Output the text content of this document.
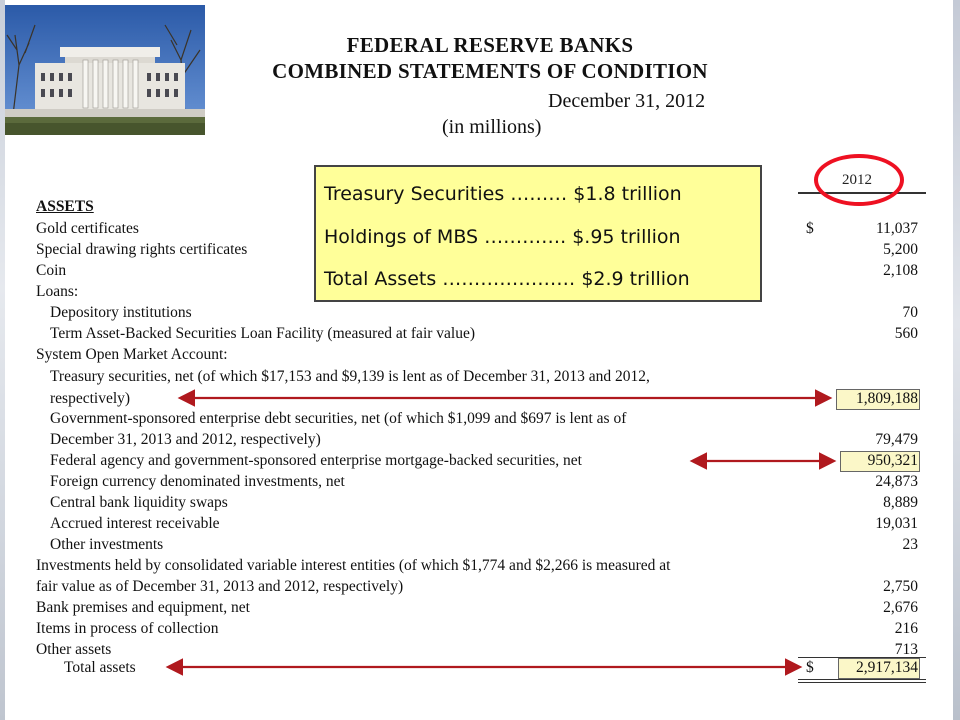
FEDERAL RESERVE BANKS
COMBINED STATEMENTS OF CONDITION
December 31, 2012
(in millions)
2012
ASSETS
Gold certificates	$	11,037
Special drawing rights certificates	5,200
Coin	2,108
Loans:
Depository institutions	70
Term Asset-Backed Securities Loan Facility (measured at fair value)	560
System Open Market Account:
Treasury securities, net (of which $17,153 and $9,139 is lent as of December 31, 2013 and 2012,
respectively)	1,809,188
Government-sponsored enterprise debt securities, net (of which $1,099 and $697 is lent as of
December 31, 2013 and 2012, respectively)	79,479
Federal agency and government-sponsored enterprise mortgage-backed securities, net	950,321
Foreign currency denominated investments, net	24,873
Central bank liquidity swaps	8,889
Accrued interest receivable	19,031
Other investments	23
Investments held by consolidated variable interest entities (of which $1,774 and $2,266 is measured at
fair value as of December 31, 2013 and 2012, respectively)	2,750
Bank premises and equipment, net	2,676
Items in process of collection	216
Other assets	713
Total assets	$	2,917,134
Treasury Securities ……… $1.8 trillion
Holdings of MBS …………. $.95 trillion
Total Assets ………………… $2.9 trillion
